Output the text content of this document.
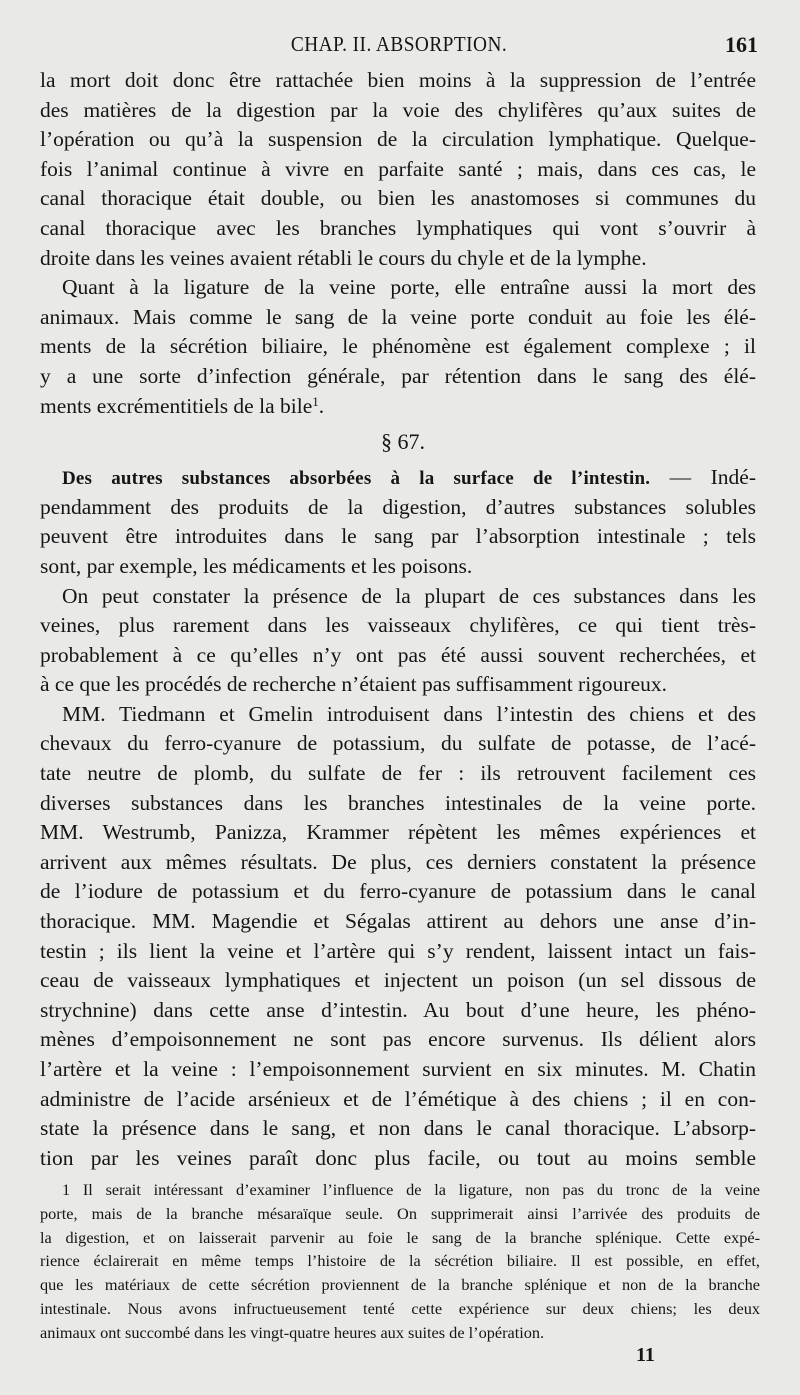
CHAP. II. ABSORPTION.	161
la mort doit donc être rattachée bien moins à la suppression de l’entrée
des matières de la digestion par la voie des chylifères qu’aux suites de
l’opération ou qu’à la suspension de la circulation lymphatique. Quelque-
fois l’animal continue à vivre en parfaite santé ; mais, dans ces cas, le
canal thoracique était double, ou bien les anastomoses si communes du
canal thoracique avec les branches lymphatiques qui vont s’ouvrir à
droite dans les veines avaient rétabli le cours du chyle et de la lymphe.
Quant à la ligature de la veine porte, elle entraîne aussi la mort des
animaux. Mais comme le sang de la veine porte conduit au foie les élé-
ments de la sécrétion biliaire, le phénomène est également complexe ; il
y a une sorte d’infection générale, par rétention dans le sang des élé-
ments excrémentitiels de la bile$^1$.
§ 67.
Des autres substances absorbées à la surface de l’intestin. — Indé-
pendamment des produits de la digestion, d’autres substances solubles
peuvent être introduites dans le sang par l’absorption intestinale ; tels
sont, par exemple, les médicaments et les poisons.
On peut constater la présence de la plupart de ces substances dans les
veines, plus rarement dans les vaisseaux chylifères, ce qui tient très-
probablement à ce qu’elles n’y ont pas été aussi souvent recherchées, et
à ce que les procédés de recherche n’étaient pas suffisamment rigoureux.
MM. Tiedmann et Gmelin introduisent dans l’intestin des chiens et des
chevaux du ferro-cyanure de potassium, du sulfate de potasse, de l’acé-
tate neutre de plomb, du sulfate de fer : ils retrouvent facilement ces
diverses substances dans les branches intestinales de la veine porte.
MM. Westrumb, Panizza, Krammer répètent les mêmes expériences et
arrivent aux mêmes résultats. De plus, ces derniers constatent la présence
de l’iodure de potassium et du ferro-cyanure de potassium dans le canal
thoracique. MM. Magendie et Ségalas attirent au dehors une anse d’in-
testin ; ils lient la veine et l’artère qui s’y rendent, laissent intact un fais-
ceau de vaisseaux lymphatiques et injectent un poison (un sel dissous de
strychnine) dans cette anse d’intestin. Au bout d’une heure, les phéno-
mènes d’empoisonnement ne sont pas encore survenus. Ils délient alors
l’artère et la veine : l’empoisonnement survient en six minutes. M. Chatin
administre de l’acide arsénieux et de l’émétique à des chiens ; il en con-
state la présence dans le sang, et non dans le canal thoracique. L’absorp-
tion par les veines paraît donc plus facile, ou tout au moins semble
1 Il serait intéressant d’examiner l’influence de la ligature, non pas du tronc de la veine
porte, mais de la branche mésaraïque seule. On supprimerait ainsi l’arrivée des produits de
la digestion, et on laisserait parvenir au foie le sang de la branche splénique. Cette expé-
rience éclairerait en même temps l’histoire de la sécrétion biliaire. Il est possible, en effet,
que les matériaux de cette sécrétion proviennent de la branche splénique et non de la branche
intestinale. Nous avons infructueusement tenté cette expérience sur deux chiens; les deux
animaux ont succombé dans les vingt-quatre heures aux suites de l’opération.
11
